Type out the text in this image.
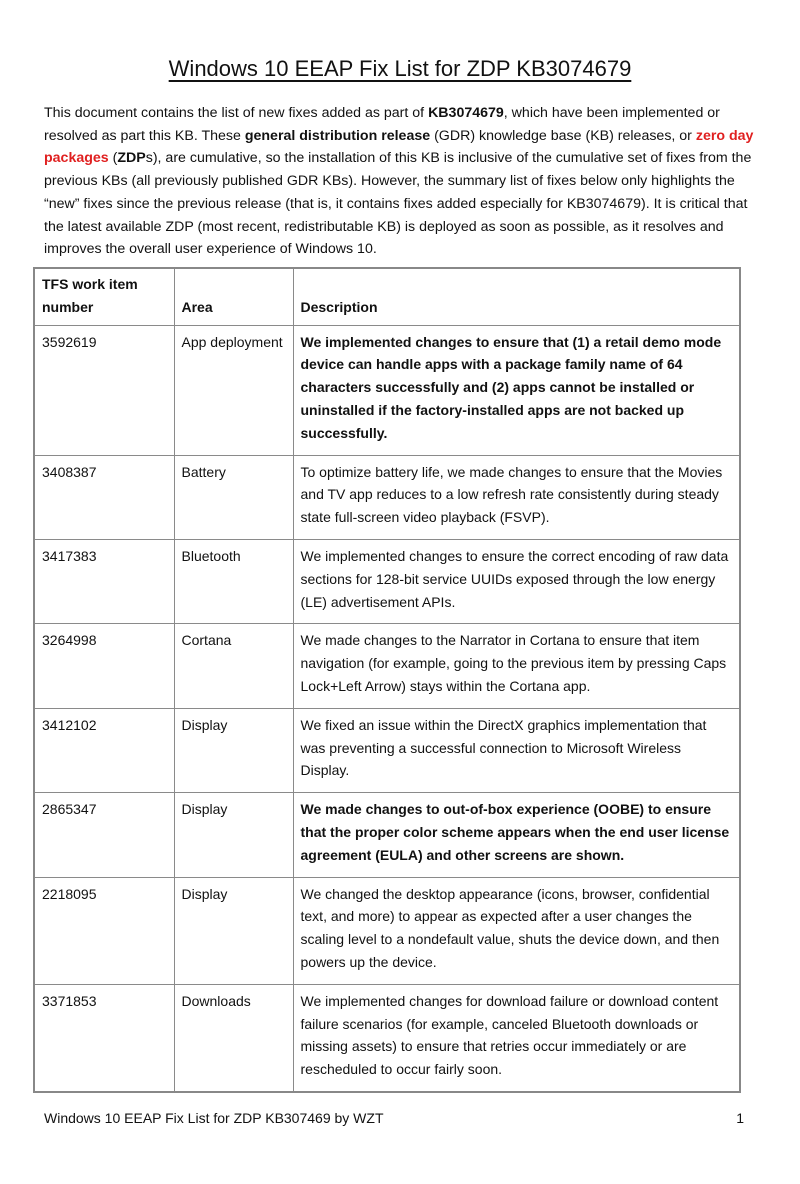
Windows 10 EEAP Fix List for ZDP KB3074679
This document contains the list of new fixes added as part of KB3074679, which have been implemented or resolved as part this KB. These general distribution release (GDR) knowledge base (KB) releases, or zero day packages (ZDPs), are cumulative, so the installation of this KB is inclusive of the cumulative set of fixes from the previous KBs (all previously published GDR KBs). However, the summary list of fixes below only highlights the “new” fixes since the previous release (that is, it contains fixes added especially for KB3074679). It is critical that the latest available ZDP (most recent, redistributable KB) is deployed as soon as possible, as it resolves and improves the overall user experience of Windows 10.
TFS work item number	Area	Description
3592619	App deployment	We implemented changes to ensure that (1) a retail demo mode device can handle apps with a package family name of 64 characters successfully and (2) apps cannot be installed or uninstalled if the factory-installed apps are not backed up successfully.
3408387	Battery	To optimize battery life, we made changes to ensure that the Movies and TV app reduces to a low refresh rate consistently during steady state full-screen video playback (FSVP).
3417383	Bluetooth	We implemented changes to ensure the correct encoding of raw data sections for 128-bit service UUIDs exposed through the low energy (LE) advertisement APIs.
3264998	Cortana	We made changes to the Narrator in Cortana to ensure that item navigation (for example, going to the previous item by pressing Caps Lock+Left Arrow) stays within the Cortana app.
3412102	Display	We fixed an issue within the DirectX graphics implementation that was preventing a successful connection to Microsoft Wireless Display.
2865347	Display	We made changes to out-of-box experience (OOBE) to ensure that the proper color scheme appears when the end user license agreement (EULA) and other screens are shown.
2218095	Display	We changed the desktop appearance (icons, browser, confidential text, and more) to appear as expected after a user changes the scaling level to a nondefault value, shuts the device down, and then powers up the device.
3371853	Downloads	We implemented changes for download failure or download content failure scenarios (for example, canceled Bluetooth downloads or missing assets) to ensure that retries occur immediately or are rescheduled to occur fairly soon.
Windows 10 EEAP Fix List for ZDP KB307469 by WZT	1
